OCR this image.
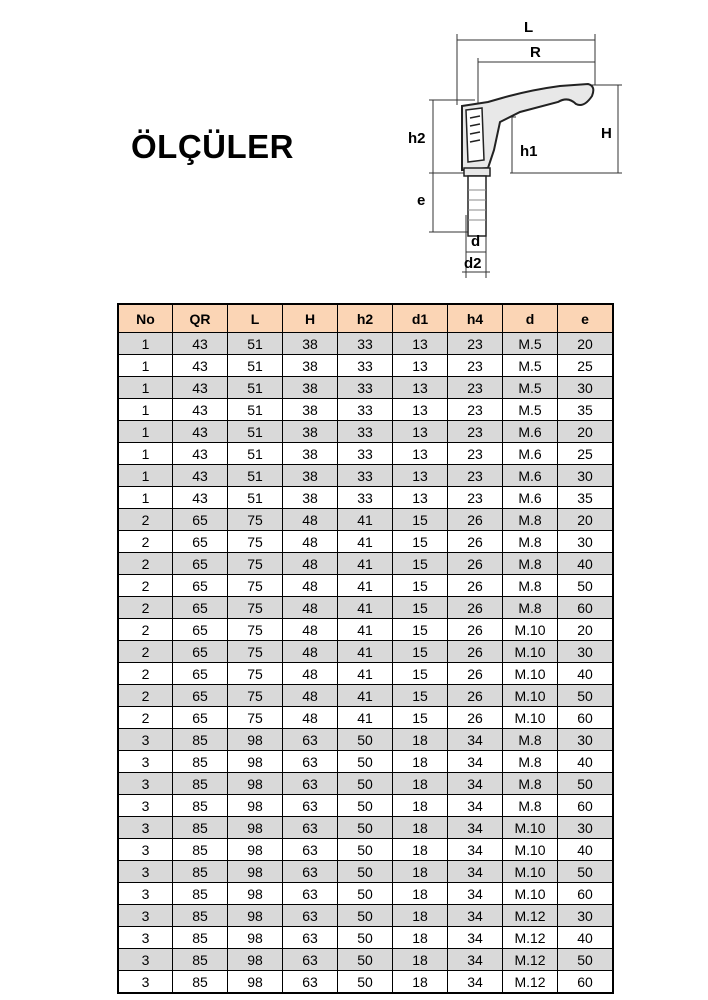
ÖLÇÜLER
L
R
H
h2
h1
e
d
d2
No	QR	L	H	h2	d1	h4	d	e
1	43	51	38	33	13	23	M.5	20
1	43	51	38	33	13	23	M.5	25
1	43	51	38	33	13	23	M.5	30
1	43	51	38	33	13	23	M.5	35
1	43	51	38	33	13	23	M.6	20
1	43	51	38	33	13	23	M.6	25
1	43	51	38	33	13	23	M.6	30
1	43	51	38	33	13	23	M.6	35
2	65	75	48	41	15	26	M.8	20
2	65	75	48	41	15	26	M.8	30
2	65	75	48	41	15	26	M.8	40
2	65	75	48	41	15	26	M.8	50
2	65	75	48	41	15	26	M.8	60
2	65	75	48	41	15	26	M.10	20
2	65	75	48	41	15	26	M.10	30
2	65	75	48	41	15	26	M.10	40
2	65	75	48	41	15	26	M.10	50
2	65	75	48	41	15	26	M.10	60
3	85	98	63	50	18	34	M.8	30
3	85	98	63	50	18	34	M.8	40
3	85	98	63	50	18	34	M.8	50
3	85	98	63	50	18	34	M.8	60
3	85	98	63	50	18	34	M.10	30
3	85	98	63	50	18	34	M.10	40
3	85	98	63	50	18	34	M.10	50
3	85	98	63	50	18	34	M.10	60
3	85	98	63	50	18	34	M.12	30
3	85	98	63	50	18	34	M.12	40
3	85	98	63	50	18	34	M.12	50
3	85	98	63	50	18	34	M.12	60
